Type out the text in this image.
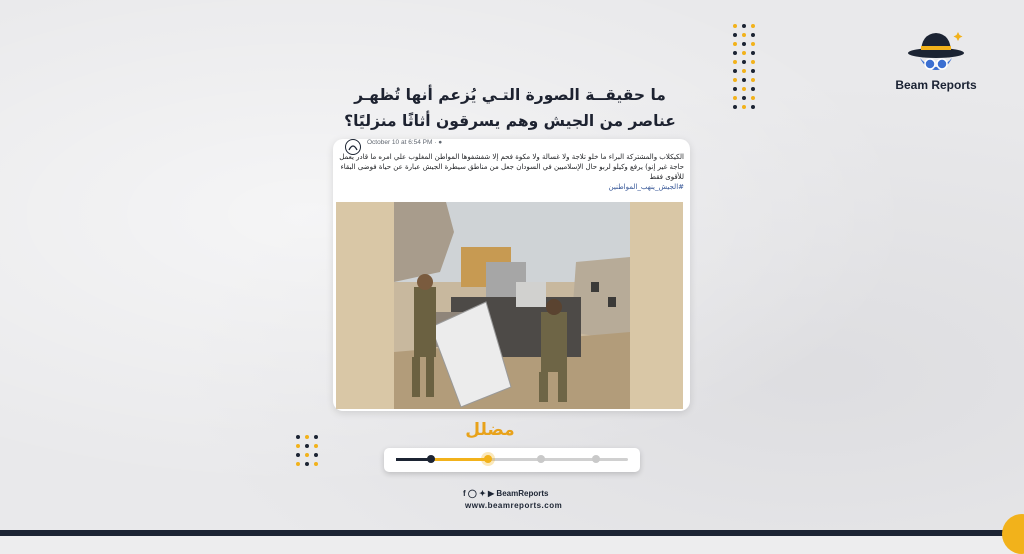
Beam Reports
ما حقيقــة الصورة التـي يُزعم أنها تُظهـر عناصر من الجيش وهم يسرقون أثاثًا منزليًا؟
October 10 at 6:54 PM · ●
الكيكلاب والمشتركة البراء ما خلو تلاجة ولا غسالة ولا مكوة فحم إلا شفشفوها المواطن المغلوب علي امره ما قادر يعمل حاجة غير إنو) يرفع وكيلو لربو حال الإسلاميين في السودان جعل من مناطق سيطرة الجيش عبارة عن حياة فوضى البقاء للأقوى فقط
#الجيش_ينهب_المواطنين
مضلل
f ◯ ✦ ▶ BeamReports
www.beamreports.com
